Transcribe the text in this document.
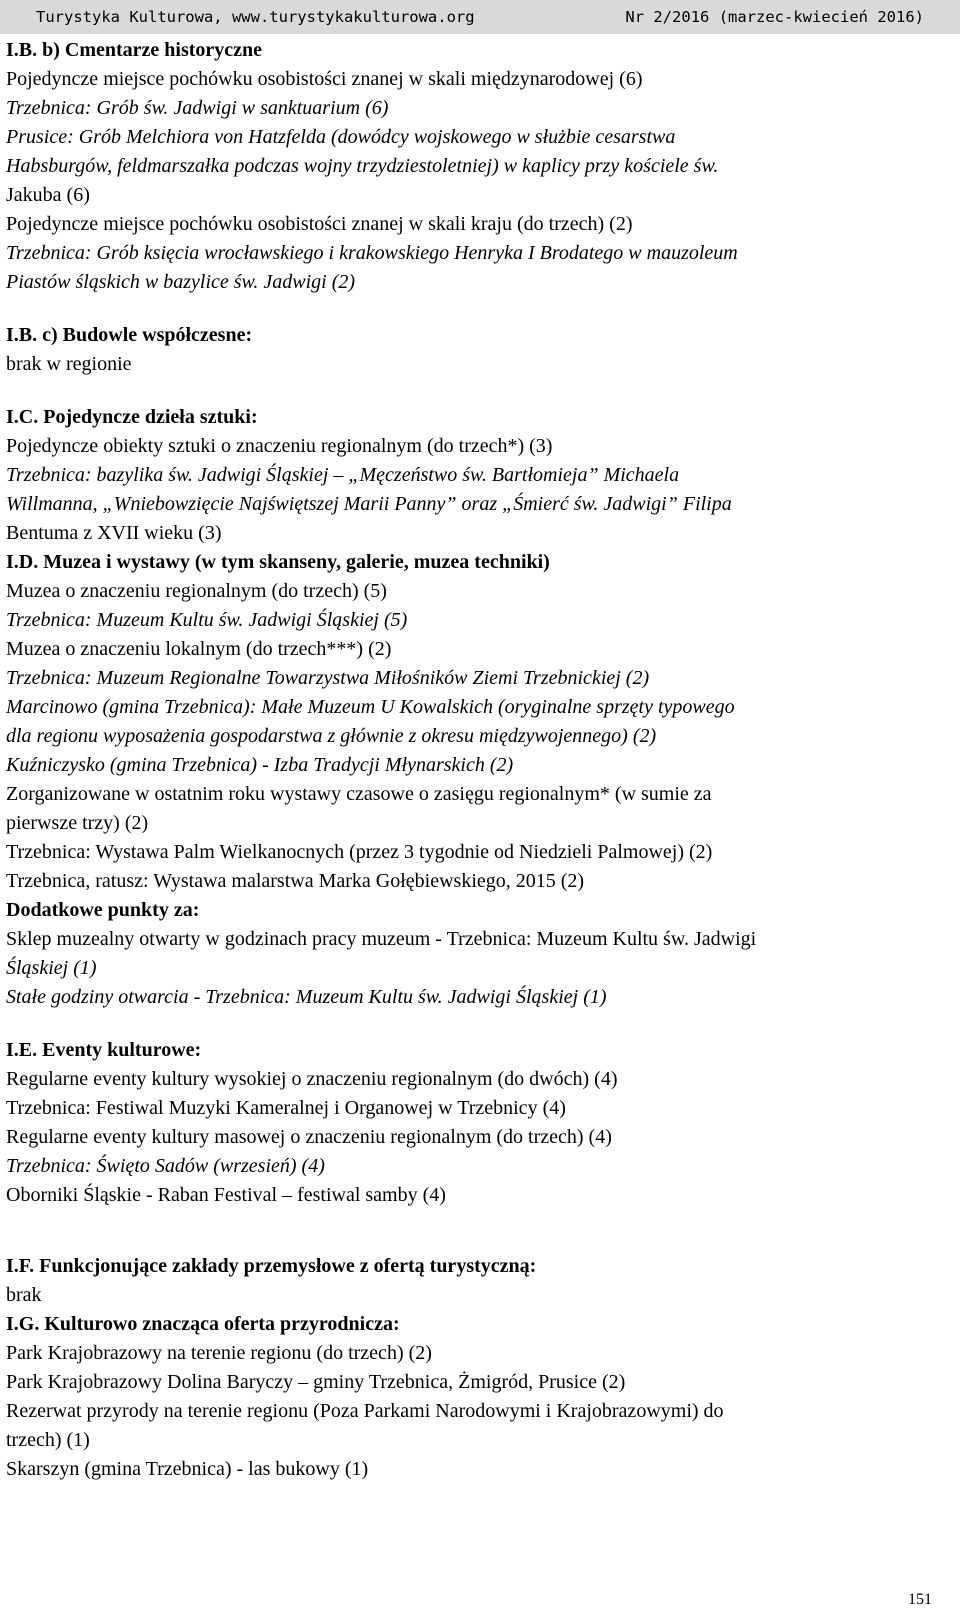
Turystyka Kulturowa, www.turystykakulturowa.org	Nr 2/2016 (marzec-kwiecień 2016)
I.B. b) Cmentarze historyczne
Pojedyncze miejsce pochówku osobistości znanej w skali międzynarodowej (6)
Trzebnica: Grób św. Jadwigi w sanktuarium (6)
Prusice: Grób Melchiora von Hatzfelda (dowódcy wojskowego w służbie cesarstwa
Habsburgów, feldmarszałka podczas wojny trzydziestoletniej) w kaplicy przy kościele św.
Jakuba (6)
Pojedyncze miejsce pochówku osobistości znanej w skali kraju (do trzech) (2)
Trzebnica: Grób księcia wrocławskiego i krakowskiego Henryka I Brodatego w mauzoleum
Piastów śląskich w bazylice św. Jadwigi (2)
I.B. c) Budowle współczesne:
brak w regionie
I.C. Pojedyncze dzieła sztuki:
Pojedyncze obiekty sztuki o znaczeniu regionalnym (do trzech*) (3)
Trzebnica: bazylika św. Jadwigi Śląskiej – „Męczeństwo św. Bartłomieja” Michaela
Willmanna, „Wniebowzięcie Najświętszej Marii Panny” oraz „Śmierć św. Jadwigi” Filipa
Bentuma z XVII wieku (3)
I.D. Muzea i wystawy (w tym skanseny, galerie, muzea techniki)
Muzea o znaczeniu regionalnym (do trzech) (5)
Trzebnica: Muzeum Kultu św. Jadwigi Śląskiej (5)
Muzea o znaczeniu lokalnym (do trzech***) (2)
Trzebnica: Muzeum Regionalne Towarzystwa Miłośników Ziemi Trzebnickiej (2)
Marcinowo (gmina Trzebnica): Małe Muzeum U Kowalskich (oryginalne sprzęty typowego
dla regionu wyposażenia gospodarstwa z głównie z okresu międzywojennego) (2)
Kuźniczysko (gmina Trzebnica) - Izba Tradycji Młynarskich (2)
Zorganizowane w ostatnim roku wystawy czasowe o zasięgu regionalnym* (w sumie za
pierwsze trzy) (2)
Trzebnica: Wystawa Palm Wielkanocnych (przez 3 tygodnie od Niedzieli Palmowej) (2)
Trzebnica, ratusz: Wystawa malarstwa Marka Gołębiewskiego, 2015 (2)
Dodatkowe punkty za:
Sklep muzealny otwarty w godzinach pracy muzeum - Trzebnica: Muzeum Kultu św. Jadwigi
Śląskiej (1)
Stałe godziny otwarcia - Trzebnica: Muzeum Kultu św. Jadwigi Śląskiej (1)
I.E. Eventy kulturowe:
Regularne eventy kultury wysokiej o znaczeniu regionalnym (do dwóch) (4)
Trzebnica: Festiwal Muzyki Kameralnej i Organowej w Trzebnicy (4)
Regularne eventy kultury masowej o znaczeniu regionalnym (do trzech) (4)
Trzebnica: Święto Sadów (wrzesień) (4)
Oborniki Śląskie - Raban Festival – festiwal samby (4)
I.F. Funkcjonujące zakłady przemysłowe z ofertą turystyczną:
brak
I.G. Kulturowo znacząca oferta przyrodnicza:
Park Krajobrazowy na terenie regionu (do trzech) (2)
Park Krajobrazowy Dolina Baryczy – gminy Trzebnica, Żmigród, Prusice (2)
Rezerwat przyrody na terenie regionu (Poza Parkami Narodowymi i Krajobrazowymi) do
trzech) (1)
Skarszyn (gmina Trzebnica) - las bukowy (1)
151
